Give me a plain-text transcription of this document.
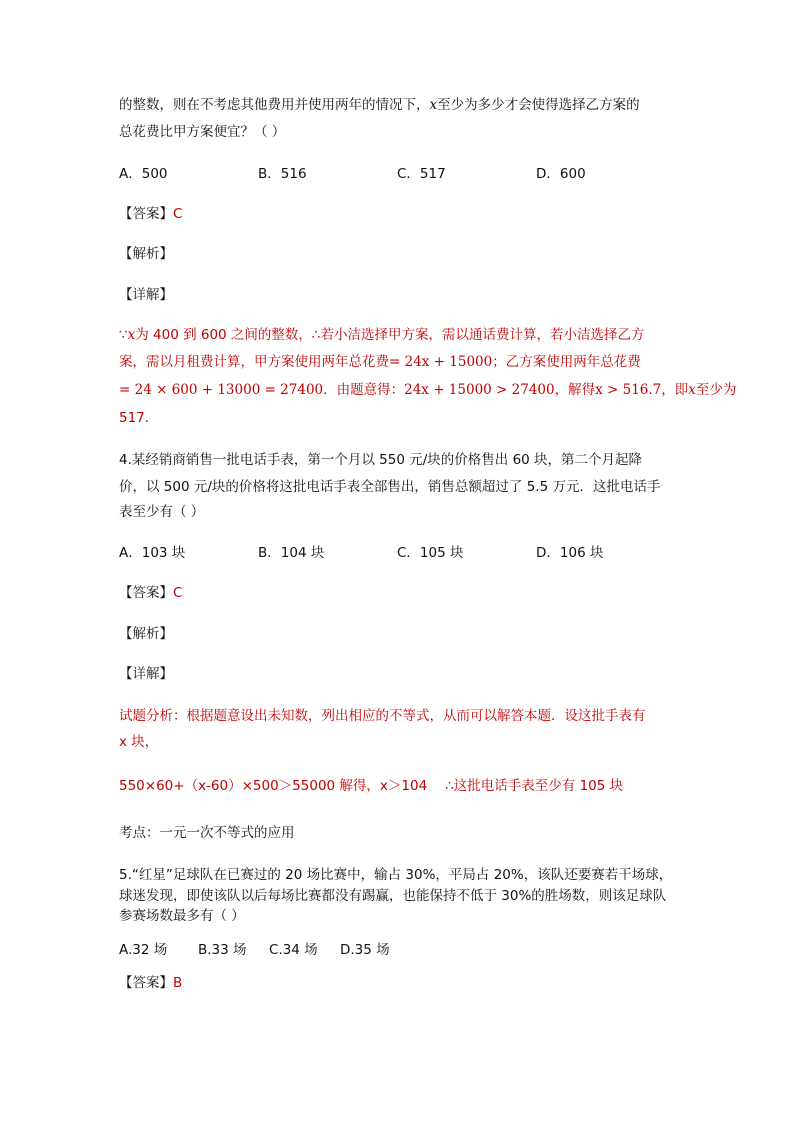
的整数，则在不考虑其他费用并使用两年的情况下，x至少为多少才会使得选择乙方案的
总花费比甲方案便宜？（ ）
A．500	B．516	C．517	D．600
【答案】C
【解析】
【详解】
∵x为 400 到 600 之间的整数，∴若小洁选择甲方案，需以通话费计算，若小洁选择乙方
案，需以月租费计算，甲方案使用两年总花费= 24x + 15000；乙方案使用两年总花费
= 24 × 600 + 13000 = 27400．由题意得：24x + 15000 > 27400，解得x > 516.7，即x至少为
517．
4.某经销商销售一批电话手表，第一个月以 550 元/块的价格售出 60 块，第二个月起降
价，以 500 元/块的价格将这批电话手表全部售出，销售总额超过了 5.5 万元．这批电话手
表至少有（ ）
A．103 块	B．104 块	C．105 块	D．106 块
【答案】C
【解析】
【详解】
试题分析：根据题意设出未知数，列出相应的不等式，从而可以解答本题．设这批手表有
x 块，
550×60+（x-60）×500＞55000 解得，x＞104 ∴这批电话手表至少有 105 块
考点：一元一次不等式的应用
5.“红星”足球队在已赛过的 20 场比赛中，输占 30%，平局占 20%，该队还要赛若干场球，
球迷发现，即使该队以后每场比赛都没有踢赢，也能保持不低于 30%的胜场数，则该足球队
参赛场数最多有（ ）
A.32 场 B.33 场 C.34 场 D.35 场
【答案】B
